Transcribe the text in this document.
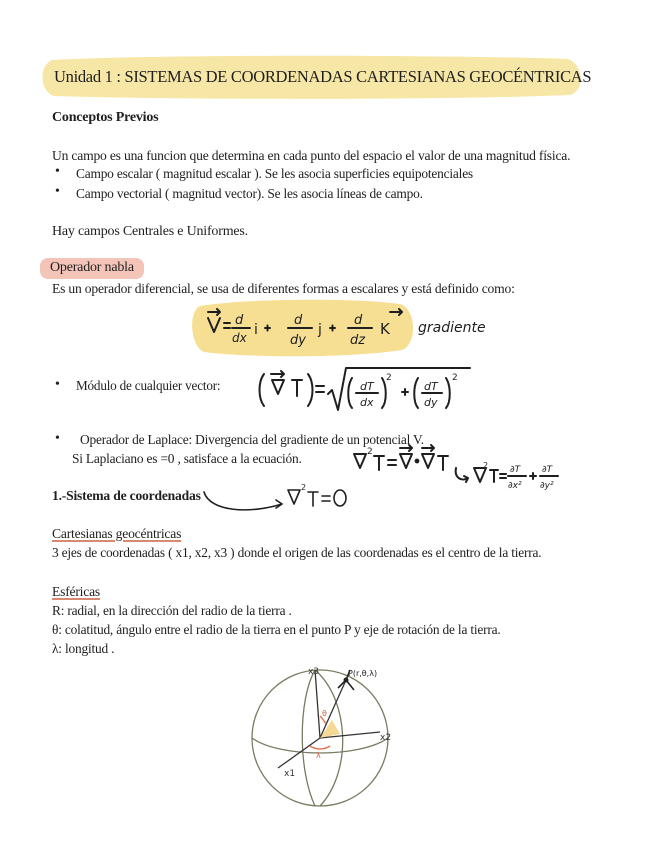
Unidad 1 : SISTEMAS DE COORDENADAS CARTESIANAS GEOCÉNTRICAS
Conceptos Previos
Un campo es una funcion que determina en cada punto del espacio el valor de una magnitud física.
• Campo escalar ( magnitud escalar ). Se les asocia superficies equipotenciales
• Campo vectorial ( magnitud vector). Se les asocia líneas de campo.
Hay campos Centrales e Uniformes.
Operador nabla
Es un operador diferencial, se usa de diferentes formas a escalares y está definido como:
d
dx i
d
dy
j
d
dz
K gradiente
• Módulo de cualquier vector:	dT
dx
2
dT
dy
2
• Operador de Laplace: Divergencia del gradiente de un potencial V.
Si Laplaciano es =0 , satisface a la ecuación.	2
2 ∂T
∂x²
∂T
∂y²
1.-Sistema de coordenadas
2
Cartesianas geocéntricas
3 ejes de coordenadas ( x1, x2, x3 ) donde el origen de las coordenadas es el centro de la tierra.
Esféricas
R: radial, en la dirección del radio de la tierra .
θ: colatitud, ángulo entre el radio de la tierra en el punto P y eje de rotación de la tierra.
λ: longitud .
x3
x2
x1
P(r,θ,λ)
θ
λ
